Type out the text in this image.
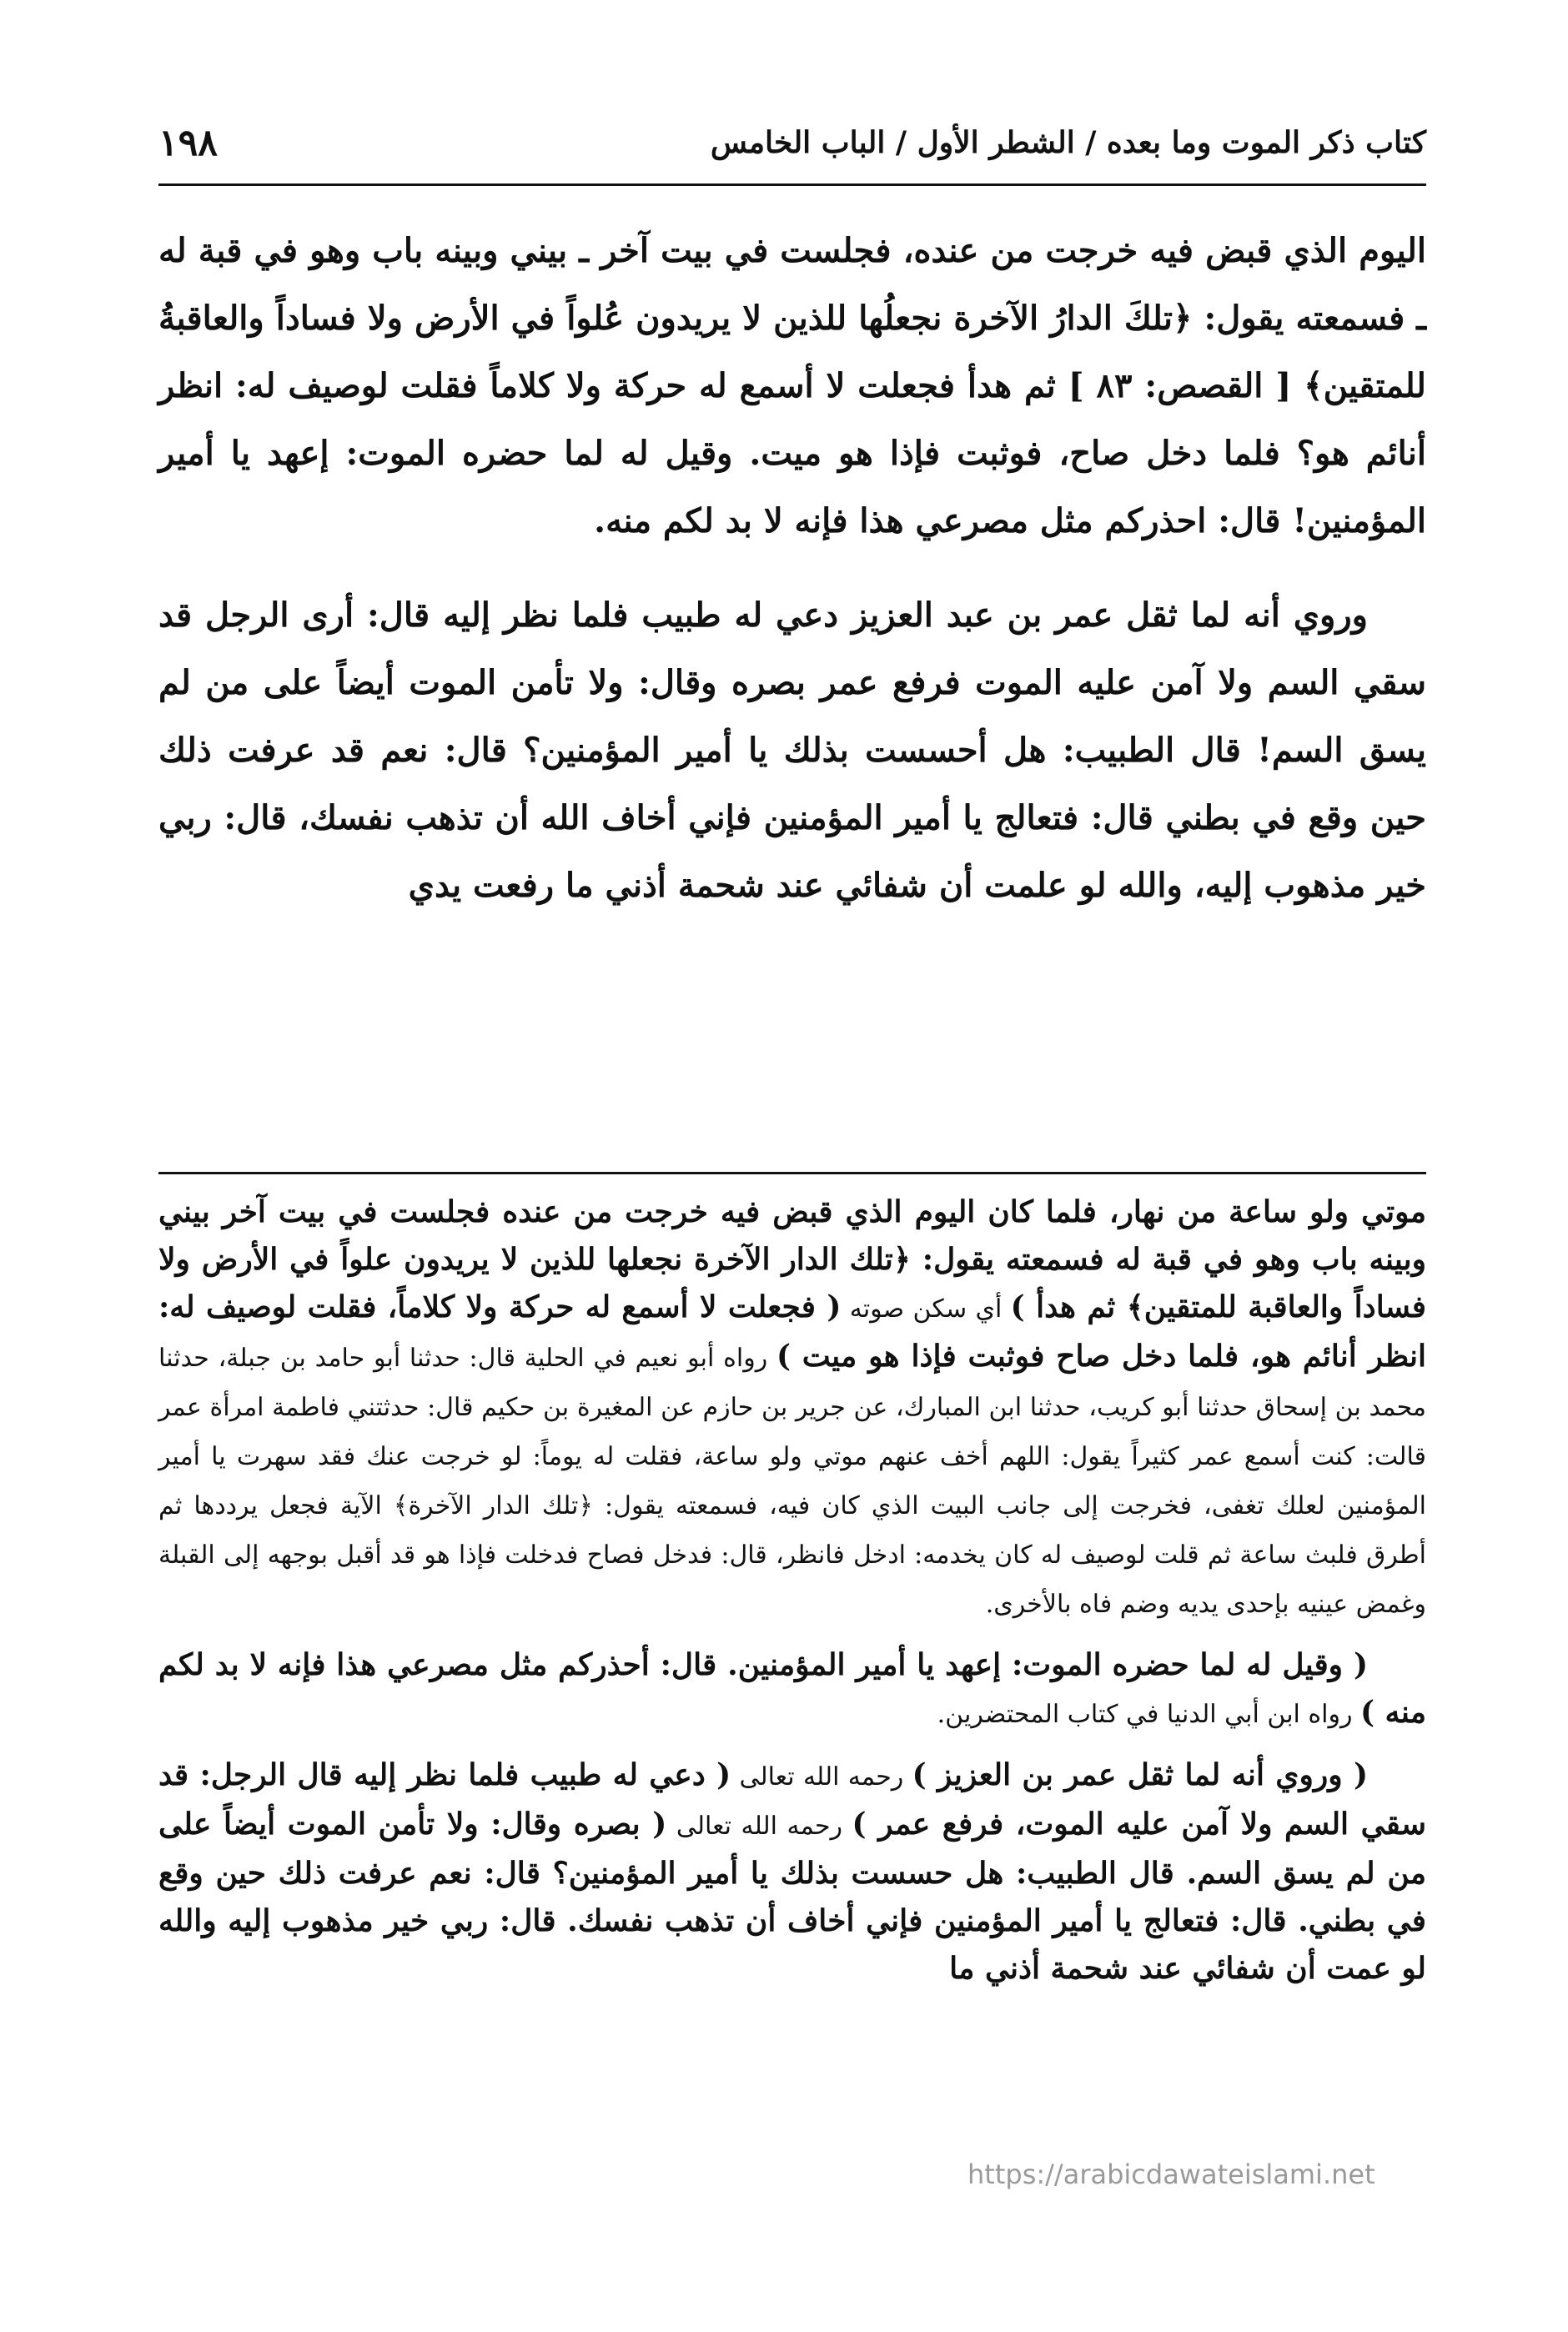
كتاب ذكر الموت وما بعده / الشطر الأول / الباب الخامس
١٩٨

اليوم الذي قبض فيه خرجت من عنده، فجلست في بيت آخر ـ بيني وبينه باب وهو في قبة له ـ فسمعته يقول: ﴿تلكَ الدارُ الآخرة نجعلُها للذين لا يريدون عُلواً في الأرض ولا فساداً والعاقبةُ للمتقين﴾ [ القصص: ٨٣ ] ثم هدأ فجعلت لا أسمع له حركة ولا كلاماً فقلت لوصيف له: انظر أنائم هو؟ فلما دخل صاح، فوثبت فإذا هو ميت. وقيل له لما حضره الموت: إعهد يا أمير المؤمنين! قال: احذركم مثل مصرعي هذا فإنه لا بد لكم منه.

وروي أنه لما ثقل عمر بن عبد العزيز دعي له طبيب فلما نظر إليه قال: أرى الرجل قد سقي السم ولا آمن عليه الموت فرفع عمر بصره وقال: ولا تأمن الموت أيضاً على من لم يسق السم! قال الطبيب: هل أحسست بذلك يا أمير المؤمنين؟ قال: نعم قد عرفت ذلك حين وقع في بطني قال: فتعالج يا أمير المؤمنين فإني أخاف الله أن تذهب نفسك، قال: ربي خير مذهوب إليه، والله لو علمت أن شفائي عند شحمة أذني ما رفعت يدي

موتي ولو ساعة من نهار، فلما كان اليوم الذي قبض فيه خرجت من عنده فجلست في بيت آخر بيني وبينه باب وهو في قبة له فسمعته يقول: ﴿تلك الدار الآخرة نجعلها للذين لا يريدون علواً في الأرض ولا فساداً والعاقبة للمتقين﴾ ثم هدأ ) أي سكن صوته ( فجعلت لا أسمع له حركة ولا كلاماً، فقلت لوصيف له: انظر أنائم هو، فلما دخل صاح فوثبت فإذا هو ميت ) رواه أبو نعيم في الحلية قال: حدثنا أبو حامد بن جبلة، حدثنا محمد بن إسحاق حدثنا أبو كريب، حدثنا ابن المبارك، عن جرير بن حازم عن المغيرة بن حكيم قال: حدثتني فاطمة امرأة عمر قالت: كنت أسمع عمر كثيراً يقول: اللهم أخف عنهم موتي ولو ساعة، فقلت له يوماً: لو خرجت عنك فقد سهرت يا أمير المؤمنين لعلك تغفى، فخرجت إلى جانب البيت الذي كان فيه، فسمعته يقول: ﴿تلك الدار الآخرة﴾ الآية فجعل يرددها ثم أطرق فلبث ساعة ثم قلت لوصيف له كان يخدمه: ادخل فانظر، قال: فدخل فصاح فدخلت فإذا هو قد أقبل بوجهه إلى القبلة وغمض عينيه بإحدى يديه وضم فاه بالأخرى.

( وقيل له لما حضره الموت: إعهد يا أمير المؤمنين. قال: أحذركم مثل مصرعي هذا فإنه لا بد لكم منه ) رواه ابن أبي الدنيا في كتاب المحتضرين.

( وروي أنه لما ثقل عمر بن العزيز ) رحمه الله تعالى ( دعي له طبيب فلما نظر إليه قال الرجل: قد سقي السم ولا آمن عليه الموت، فرفع عمر ) رحمه الله تعالى ( بصره وقال: ولا تأمن الموت أيضاً على من لم يسق السم. قال الطبيب: هل حسست بذلك يا أمير المؤمنين؟ قال: نعم عرفت ذلك حين وقع في بطني. قال: فتعالج يا أمير المؤمنين فإني أخاف أن تذهب نفسك. قال: ربي خير مذهوب إليه والله لو عمت أن شفائي عند شحمة أذني ما

https://arabicdawateislami.net
